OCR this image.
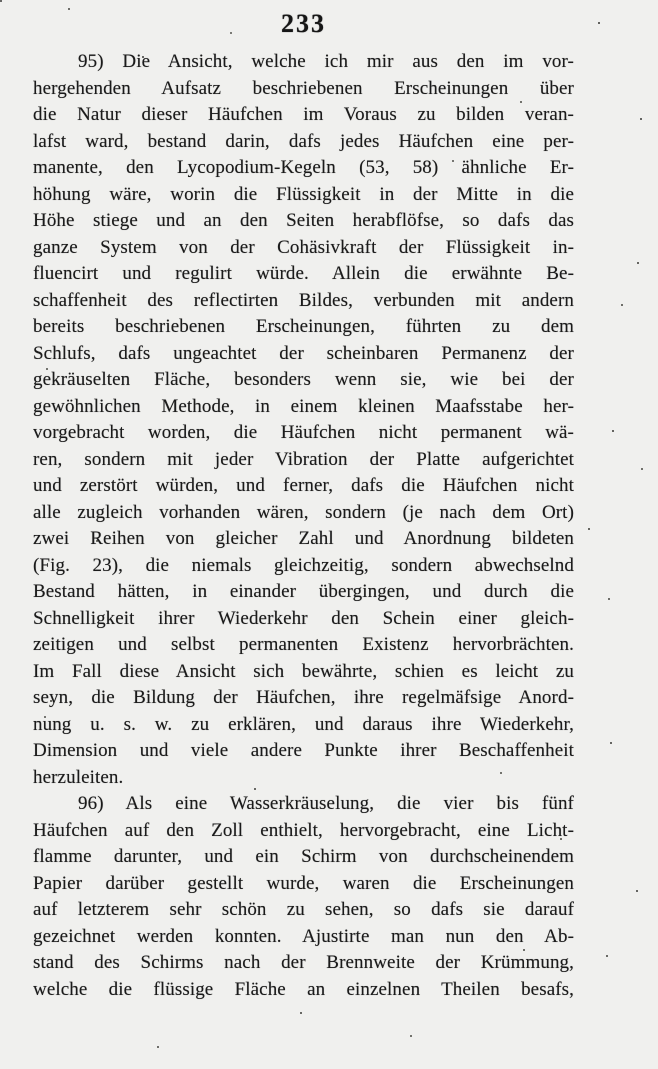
233
95) Die Ansicht, welche ich mir aus den im vor-
hergehenden Aufsatz beschriebenen Erscheinungen über
die Natur dieser Häufchen im Voraus zu bilden veran-
lafst ward, bestand darin, dafs jedes Häufchen eine per-
manente, den Lycopodium-Kegeln (53, 58) ähnliche Er-
höhung wäre, worin die Flüssigkeit in der Mitte in die
Höhe stiege und an den Seiten herabflöfse, so dafs das
ganze System von der Cohäsivkraft der Flüssigkeit in-
fluencirt und regulirt würde. Allein die erwähnte Be-
schaffenheit des reflectirten Bildes, verbunden mit andern
bereits beschriebenen Erscheinungen, führten zu dem
Schlufs, dafs ungeachtet der scheinbaren Permanenz der
gekräuselten Fläche, besonders wenn sie, wie bei der
gewöhnlichen Methode, in einem kleinen Maafsstabe her-
vorgebracht worden, die Häufchen nicht permanent wä-
ren, sondern mit jeder Vibration der Platte aufgerichtet
und zerstört würden, und ferner, dafs die Häufchen nicht
alle zugleich vorhanden wären, sondern (je nach dem Ort)
zwei Reihen von gleicher Zahl und Anordnung bildeten
(Fig. 23), die niemals gleichzeitig, sondern abwechselnd
Bestand hätten, in einander übergingen, und durch die
Schnelligkeit ihrer Wiederkehr den Schein einer gleich-
zeitigen und selbst permanenten Existenz hervorbrächten.
Im Fall diese Ansicht sich bewährte, schien es leicht zu
seyn, die Bildung der Häufchen, ihre regelmäfsige Anord-
nung u. s. w. zu erklären, und daraus ihre Wiederkehr,
Dimension und viele andere Punkte ihrer Beschaffenheit
herzuleiten.
96) Als eine Wasserkräuselung, die vier bis fünf
Häufchen auf den Zoll enthielt, hervorgebracht, eine Licht-
flamme darunter, und ein Schirm von durchscheinendem
Papier darüber gestellt wurde, waren die Erscheinungen
auf letzterem sehr schön zu sehen, so dafs sie darauf
gezeichnet werden konnten. Ajustirte man nun den Ab-
stand des Schirms nach der Brennweite der Krümmung,
welche die flüssige Fläche an einzelnen Theilen besafs,
